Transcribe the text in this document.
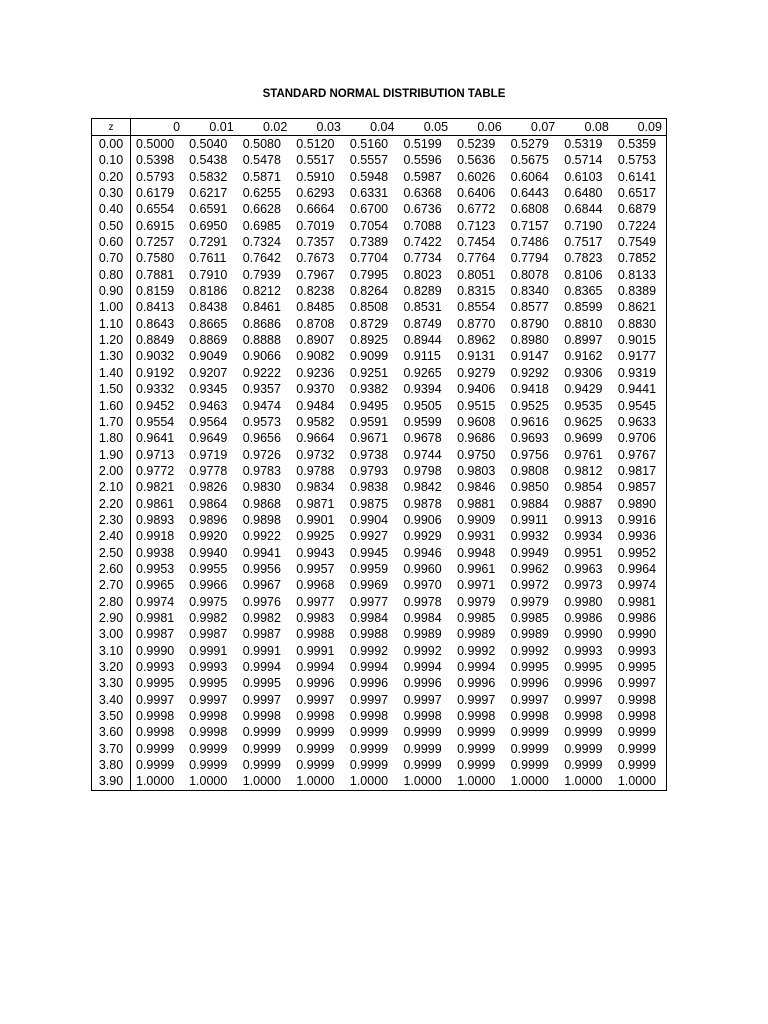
STANDARD NORMAL DISTRIBUTION TABLE
z	0	0.01	0.02	0.03	0.04	0.05	0.06	0.07	0.08	0.09
0.00	0.5000	0.5040	0.5080	0.5120	0.5160	0.5199	0.5239	0.5279	0.5319	0.5359
0.10	0.5398	0.5438	0.5478	0.5517	0.5557	0.5596	0.5636	0.5675	0.5714	0.5753
0.20	0.5793	0.5832	0.5871	0.5910	0.5948	0.5987	0.6026	0.6064	0.6103	0.6141
0.30	0.6179	0.6217	0.6255	0.6293	0.6331	0.6368	0.6406	0.6443	0.6480	0.6517
0.40	0.6554	0.6591	0.6628	0.6664	0.6700	0.6736	0.6772	0.6808	0.6844	0.6879
0.50	0.6915	0.6950	0.6985	0.7019	0.7054	0.7088	0.7123	0.7157	0.7190	0.7224
0.60	0.7257	0.7291	0.7324	0.7357	0.7389	0.7422	0.7454	0.7486	0.7517	0.7549
0.70	0.7580	0.7611	0.7642	0.7673	0.7704	0.7734	0.7764	0.7794	0.7823	0.7852
0.80	0.7881	0.7910	0.7939	0.7967	0.7995	0.8023	0.8051	0.8078	0.8106	0.8133
0.90	0.8159	0.8186	0.8212	0.8238	0.8264	0.8289	0.8315	0.8340	0.8365	0.8389
1.00	0.8413	0.8438	0.8461	0.8485	0.8508	0.8531	0.8554	0.8577	0.8599	0.8621
1.10	0.8643	0.8665	0.8686	0.8708	0.8729	0.8749	0.8770	0.8790	0.8810	0.8830
1.20	0.8849	0.8869	0.8888	0.8907	0.8925	0.8944	0.8962	0.8980	0.8997	0.9015
1.30	0.9032	0.9049	0.9066	0.9082	0.9099	0.9115	0.9131	0.9147	0.9162	0.9177
1.40	0.9192	0.9207	0.9222	0.9236	0.9251	0.9265	0.9279	0.9292	0.9306	0.9319
1.50	0.9332	0.9345	0.9357	0.9370	0.9382	0.9394	0.9406	0.9418	0.9429	0.9441
1.60	0.9452	0.9463	0.9474	0.9484	0.9495	0.9505	0.9515	0.9525	0.9535	0.9545
1.70	0.9554	0.9564	0.9573	0.9582	0.9591	0.9599	0.9608	0.9616	0.9625	0.9633
1.80	0.9641	0.9649	0.9656	0.9664	0.9671	0.9678	0.9686	0.9693	0.9699	0.9706
1.90	0.9713	0.9719	0.9726	0.9732	0.9738	0.9744	0.9750	0.9756	0.9761	0.9767
2.00	0.9772	0.9778	0.9783	0.9788	0.9793	0.9798	0.9803	0.9808	0.9812	0.9817
2.10	0.9821	0.9826	0.9830	0.9834	0.9838	0.9842	0.9846	0.9850	0.9854	0.9857
2.20	0.9861	0.9864	0.9868	0.9871	0.9875	0.9878	0.9881	0.9884	0.9887	0.9890
2.30	0.9893	0.9896	0.9898	0.9901	0.9904	0.9906	0.9909	0.9911	0.9913	0.9916
2.40	0.9918	0.9920	0.9922	0.9925	0.9927	0.9929	0.9931	0.9932	0.9934	0.9936
2.50	0.9938	0.9940	0.9941	0.9943	0.9945	0.9946	0.9948	0.9949	0.9951	0.9952
2.60	0.9953	0.9955	0.9956	0.9957	0.9959	0.9960	0.9961	0.9962	0.9963	0.9964
2.70	0.9965	0.9966	0.9967	0.9968	0.9969	0.9970	0.9971	0.9972	0.9973	0.9974
2.80	0.9974	0.9975	0.9976	0.9977	0.9977	0.9978	0.9979	0.9979	0.9980	0.9981
2.90	0.9981	0.9982	0.9982	0.9983	0.9984	0.9984	0.9985	0.9985	0.9986	0.9986
3.00	0.9987	0.9987	0.9987	0.9988	0.9988	0.9989	0.9989	0.9989	0.9990	0.9990
3.10	0.9990	0.9991	0.9991	0.9991	0.9992	0.9992	0.9992	0.9992	0.9993	0.9993
3.20	0.9993	0.9993	0.9994	0.9994	0.9994	0.9994	0.9994	0.9995	0.9995	0.9995
3.30	0.9995	0.9995	0.9995	0.9996	0.9996	0.9996	0.9996	0.9996	0.9996	0.9997
3.40	0.9997	0.9997	0.9997	0.9997	0.9997	0.9997	0.9997	0.9997	0.9997	0.9998
3.50	0.9998	0.9998	0.9998	0.9998	0.9998	0.9998	0.9998	0.9998	0.9998	0.9998
3.60	0.9998	0.9998	0.9999	0.9999	0.9999	0.9999	0.9999	0.9999	0.9999	0.9999
3.70	0.9999	0.9999	0.9999	0.9999	0.9999	0.9999	0.9999	0.9999	0.9999	0.9999
3.80	0.9999	0.9999	0.9999	0.9999	0.9999	0.9999	0.9999	0.9999	0.9999	0.9999
3.90	1.0000	1.0000	1.0000	1.0000	1.0000	1.0000	1.0000	1.0000	1.0000	1.0000
